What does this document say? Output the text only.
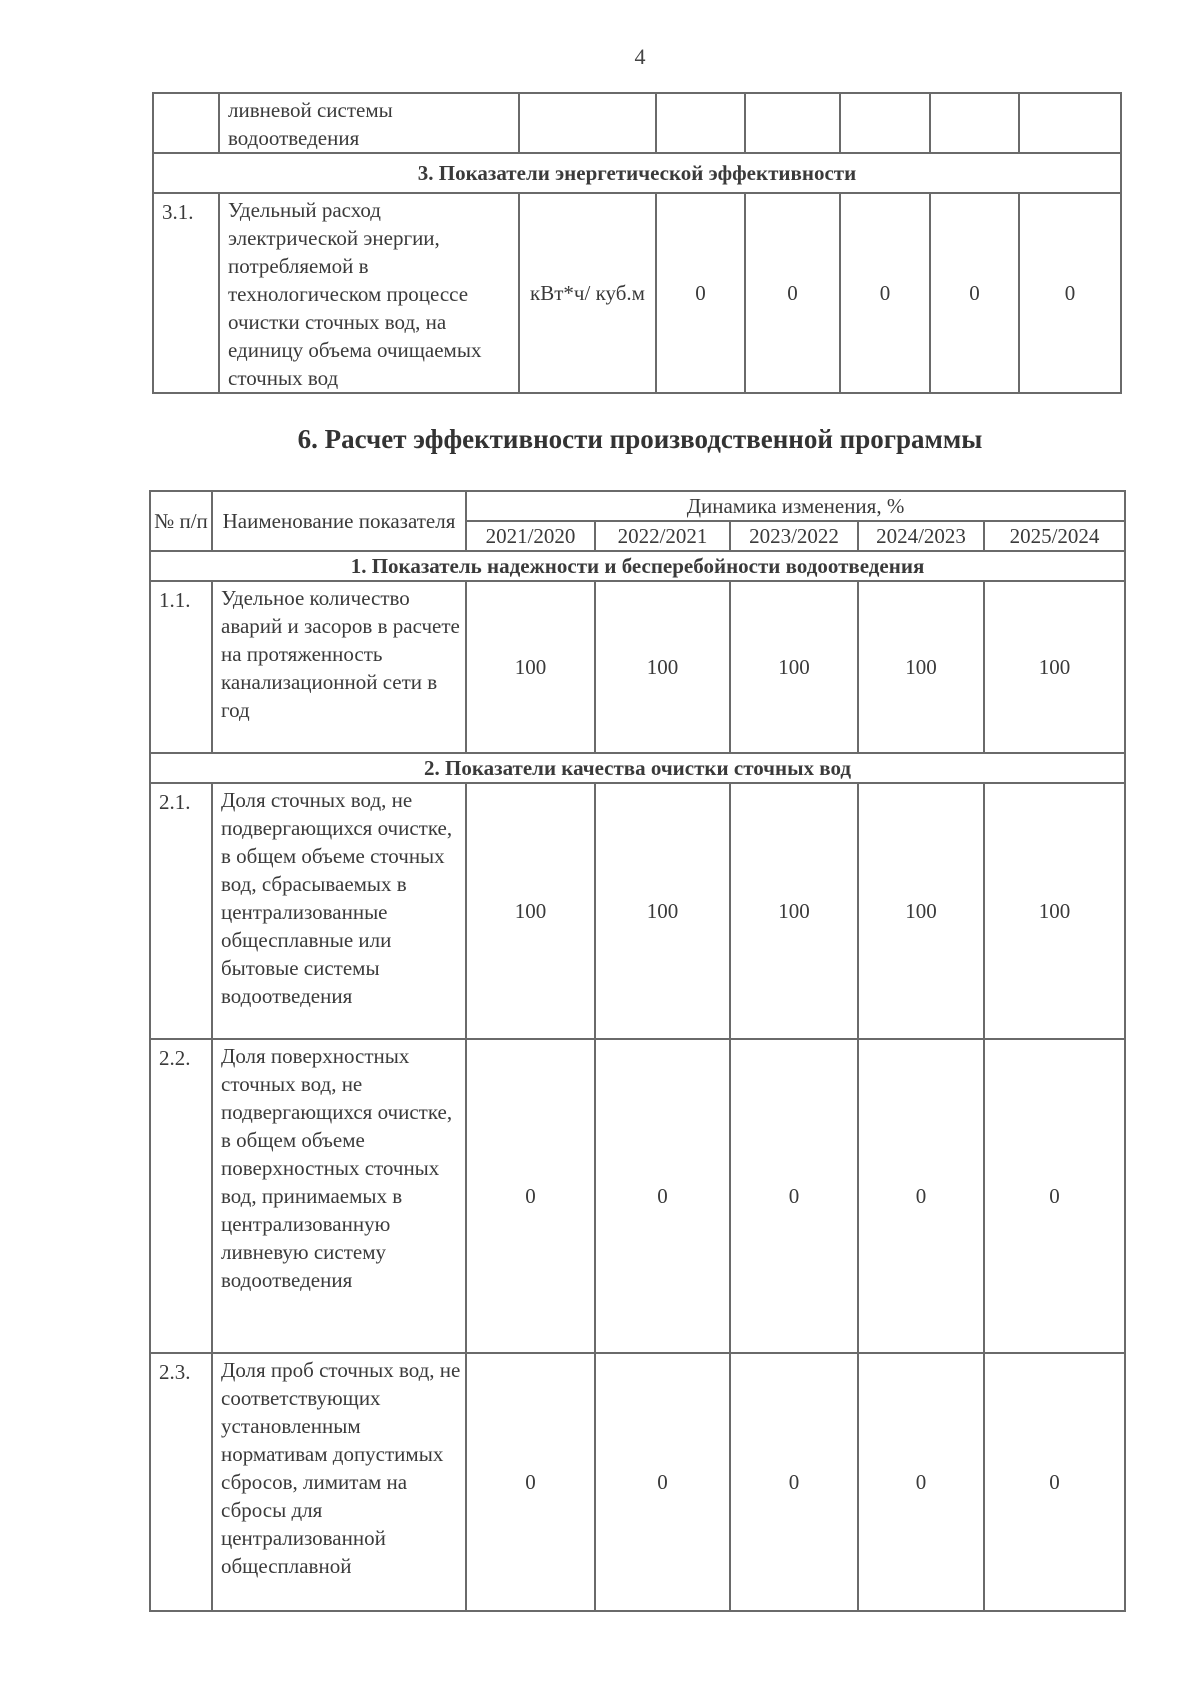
4
	ливневой системы водоотведения						
3. Показатели энергетической эффективности							
3.1.	Удельный расход электрической энергии, потребляемой в технологическом процессе очистки сточных вод, на единицу объема очищаемых сточных вод	кВт*ч/ куб.м	0	0	0	0	0
6. Расчет эффективности производственной программы
№ п/п	Наименование показателя	Динамика изменения, %				
		2021/2020	2022/2021	2023/2022	2024/2023	2025/2024
1. Показатель надежности и бесперебойности водоотведения						
1.1.	Удельное количество аварий и засоров в расчете на протяженность канализационной сети в год	100	100	100	100	100
2. Показатели качества очистки сточных вод						
2.1.	Доля сточных вод, не подвергающихся очистке, в общем объеме сточных вод, сбрасываемых в централизованные общесплавные или бытовые системы водоотведения	100	100	100	100	100
2.2.	Доля поверхностных сточных вод, не подвергающихся очистке, в общем объеме поверхностных сточных вод, принимаемых в централизованную ливневую систему водоотведения	0	0	0	0	0
2.3.	Доля проб сточных вод, не соответствующих установленным нормативам допустимых сбросов, лимитам на сбросы для централизованной общесплавной	0	0	0	0	0
